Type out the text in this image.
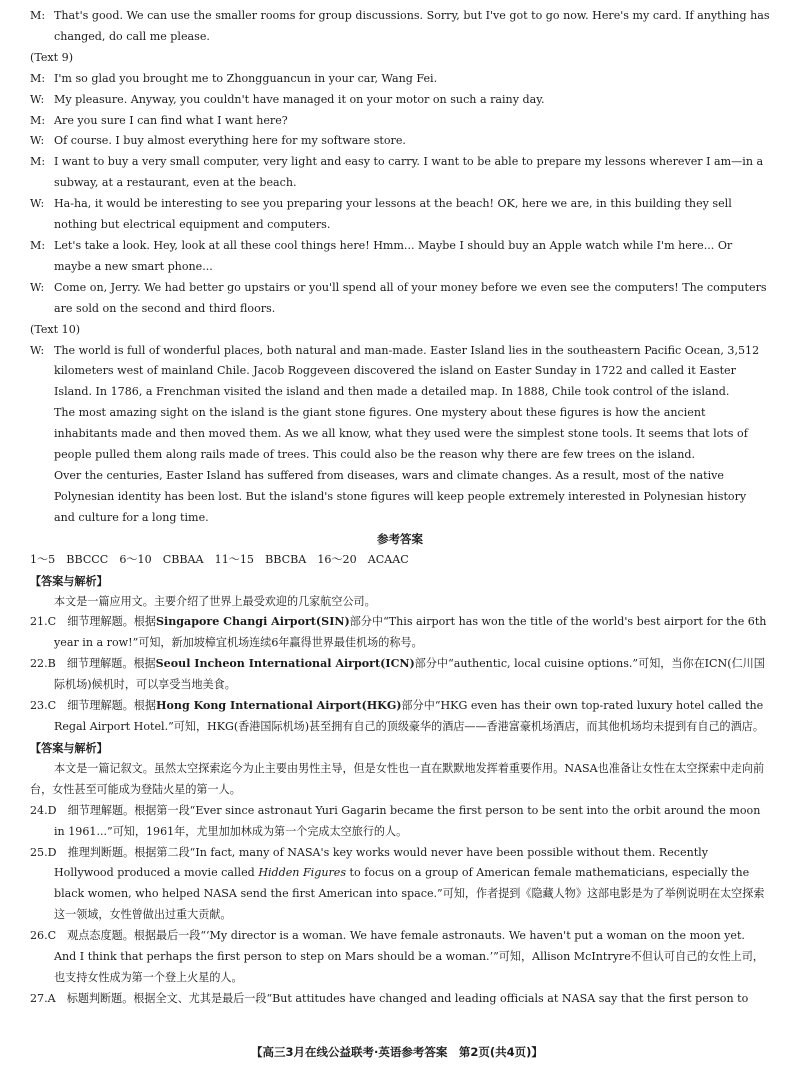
M: That's good. We can use the smaller rooms for group discussions. Sorry, but I've got to go now. Here's my card. If anything has changed, do call me please.

(Text 9)

M: I'm so glad you brought me to Zhongguancun in your car, Wang Fei.

W: My pleasure. Anyway, you couldn't have managed it on your motor on such a rainy day.

M: Are you sure I can find what I want here?

W: Of course. I buy almost everything here for my software store.

M: I want to buy a very small computer, very light and easy to carry. I want to be able to prepare my lessons wherever I am—in a subway, at a restaurant, even at the beach.

W: Ha-ha, it would be interesting to see you preparing your lessons at the beach! OK, here we are, in this building they sell nothing but electrical equipment and computers.

M: Let's take a look. Hey, look at all these cool things here! Hmm... Maybe I should buy an Apple watch while I'm here... Or maybe a new smart phone...

W: Come on, Jerry. We had better go upstairs or you'll spend all of your money before we even see the computers! The computers are sold on the second and third floors.

(Text 10)

W: The world is full of wonderful places, both natural and man-made. Easter Island lies in the southeastern Pacific Ocean, 3,512 kilometers west of mainland Chile. Jacob Roggeveen discovered the island on Easter Sunday in 1722 and called it Easter Island. In 1786, a Frenchman visited the island and then made a detailed map. In 1888, Chile took control of the island.

The most amazing sight on the island is the giant stone figures. One mystery about these figures is how the ancient inhabitants made and then moved them. As we all know, what they used were the simplest stone tools. It seems that lots of people pulled them along rails made of trees. This could also be the reason why there are few trees on the island.

Over the centuries, Easter Island has suffered from diseases, wars and climate changes. As a result, most of the native Polynesian identity has been lost. But the island's stone figures will keep people extremely interested in Polynesian history and culture for a long time.

参考答案

1～5　BBCCC　6～10　CBBAA　11～15　BBCBA　16～20　ACAAC

【答案与解析】

本文是一篇应用文。主要介绍了世界上最受欢迎的几家航空公司。

21.C　细节理解题。根据Singapore Changi Airport(SIN)部分中“This airport has won the title of the world's best airport for the 6th year in a row!”可知，新加坡樟宜机场连续6年赢得世界最佳机场的称号。

22.B　细节理解题。根据Seoul Incheon International Airport(ICN)部分中“authentic, local cuisine options.”可知，当你在ICN(仁川国际机场)候机时，可以享受当地美食。

23.C　细节理解题。根据Hong Kong International Airport(HKG)部分中“HKG even has their own top-rated luxury hotel called the Regal Airport Hotel.”可知，HKG(香港国际机场)甚至拥有自己的顶级豪华的酒店——香港富豪机场酒店，而其他机场均未提到有自己的酒店。

【答案与解析】

本文是一篇记叙文。虽然太空探索迄今为止主要由男性主导，但是女性也一直在默默地发挥着重要作用。NASA也准备让女性在太空探索中走向前台，女性甚至可能成为登陆火星的第一人。

24.D　细节理解题。根据第一段“Ever since astronaut Yuri Gagarin became the first person to be sent into the orbit around the moon in 1961...”可知，1961年，尤里加加林成为第一个完成太空旅行的人。

25.D　推理判断题。根据第二段“In fact, many of NASA's key works would never have been possible without them. Recently Hollywood produced a movie called Hidden Figures to focus on a group of American female mathematicians, especially the black women, who helped NASA send the first American into space.”可知，作者提到《隐藏人物》这部电影是为了举例说明在太空探索这一领域，女性曾做出过重大贡献。

26.C　观点态度题。根据最后一段“‘My director is a woman. We have female astronauts. We haven't put a woman on the moon yet. And I think that perhaps the first person to step on Mars should be a woman.’”可知，Allison McIntryre不但认可自己的女性上司，也支持女性成为第一个登上火星的人。

27.A　标题判断题。根据全文、尤其是最后一段“But attitudes have changed and leading officials at NASA say that the first person to

【高三3月在线公益联考·英语参考答案　第2页(共4页)】
